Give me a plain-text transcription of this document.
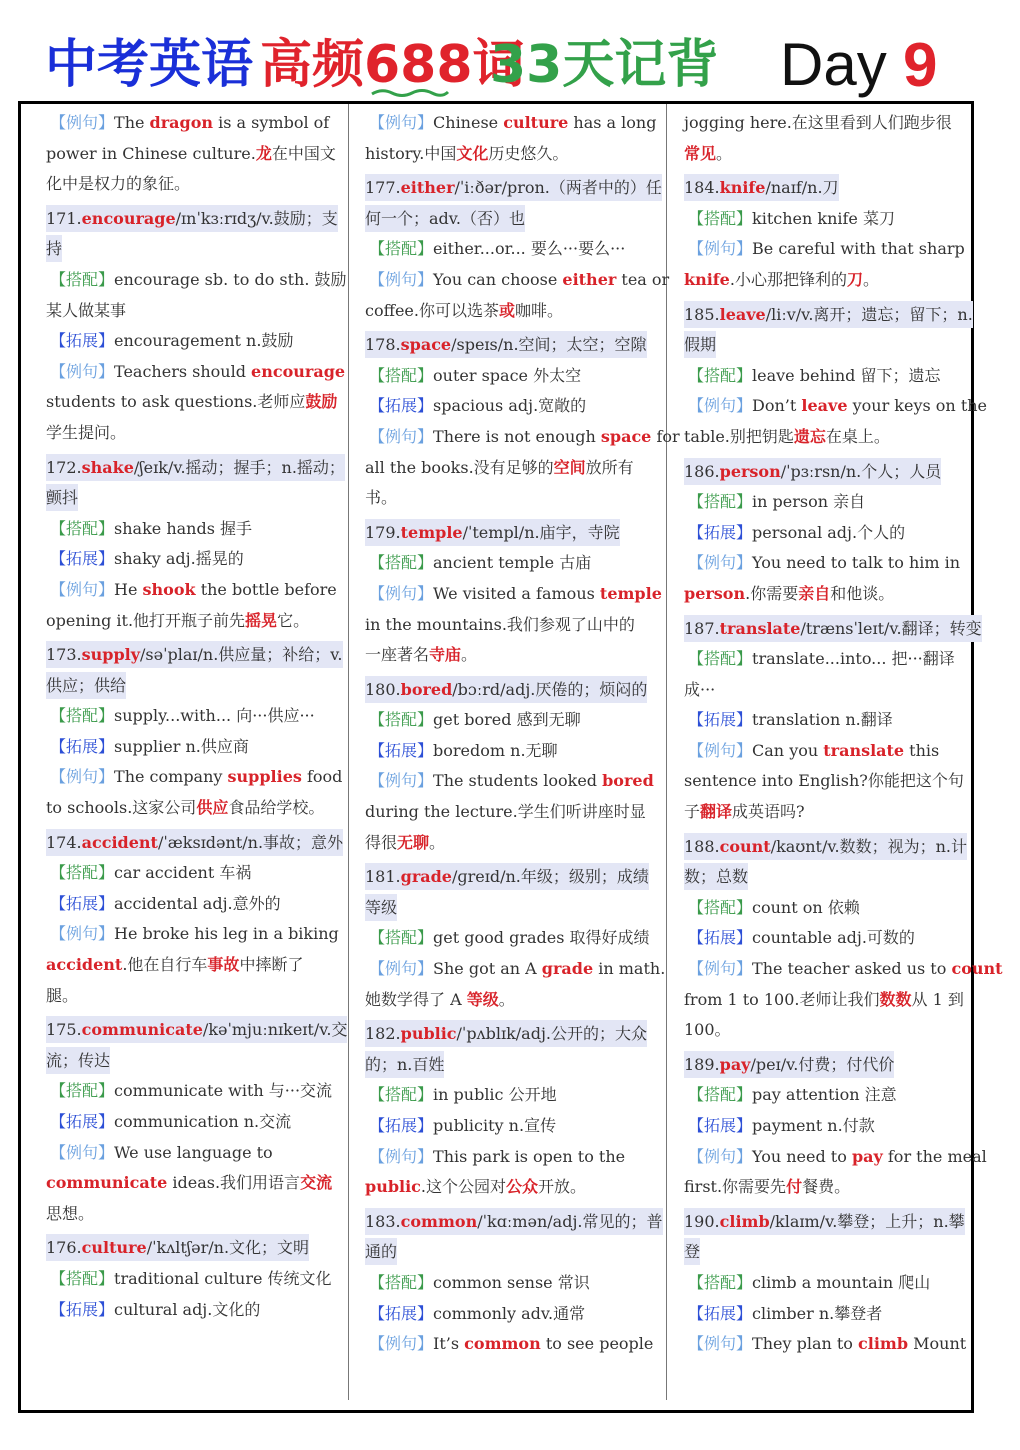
中考英语 高频688词
33天记背 Day 9
【例句】The dragon is a symbol of
power in Chinese culture.龙在中国文
化中是权力的象征。
171.encourage/ɪnˈkɜːrɪdʒ/v.鼓励；支
持
【搭配】encourage sb. to do sth. 鼓励
某人做某事
【拓展】encouragement n.鼓励
【例句】Teachers should encourage
students to ask questions.老师应鼓励
学生提问。
172.shake/ʃeɪk/v.摇动；握手；n.摇动；
颤抖
【搭配】shake hands 握手
【拓展】shaky adj.摇晃的
【例句】He shook the bottle before
opening it.他打开瓶子前先摇晃它。
173.supply/səˈplaɪ/n.供应量；补给；v.
供应；供给
【搭配】supply...with... 向···供应···
【拓展】supplier n.供应商
【例句】The company supplies food
to schools.这家公司供应食品给学校。
174.accident/ˈæksɪdənt/n.事故；意外
【搭配】car accident 车祸
【拓展】accidental adj.意外的
【例句】He broke his leg in a biking
accident.他在自行车事故中摔断了
腿。
175.communicate/kəˈmjuːnɪkeɪt/v.交
流；传达
【搭配】communicate with 与···交流
【拓展】communication n.交流
【例句】We use language to
communicate ideas.我们用语言交流
思想。
176.culture/ˈkʌltʃər/n.文化；文明
【搭配】traditional culture 传统文化
【拓展】cultural adj.文化的
【例句】Chinese culture has a long
history.中国文化历史悠久。
177.either/ˈiːðər/pron.（两者中的）任
何一个；adv.（否）也
【搭配】either...or... 要么···要么···
【例句】You can choose either tea or
coffee.你可以选茶或咖啡。
178.space/speɪs/n.空间；太空；空隙
【搭配】outer space 外太空
【拓展】spacious adj.宽敞的
【例句】There is not enough space for
all the books.没有足够的空间放所有
书。
179.temple/ˈtempl/n.庙宇，寺院
【搭配】ancient temple 古庙
【例句】We visited a famous temple
in the mountains.我们参观了山中的
一座著名寺庙。
180.bored/bɔːrd/adj.厌倦的；烦闷的
【搭配】get bored 感到无聊
【拓展】boredom n.无聊
【例句】The students looked bored
during the lecture.学生们听讲座时显
得很无聊。
181.grade/ɡreɪd/n.年级；级别；成绩
等级
【搭配】get good grades 取得好成绩
【例句】She got an A grade in math.
她数学得了 A 等级。
182.public/ˈpʌblɪk/adj.公开的；大众
的；n.百姓
【搭配】in public 公开地
【拓展】publicity n.宣传
【例句】This park is open to the
public.这个公园对公众开放。
183.common/ˈkɑːmən/adj.常见的；普
通的
【搭配】common sense 常识
【拓展】commonly adv.通常
【例句】It’s common to see people
jogging here.在这里看到人们跑步很
常见。
184.knife/naɪf/n.刀
【搭配】kitchen knife 菜刀
【例句】Be careful with that sharp
knife.小心那把锋利的刀。
185.leave/liːv/v.离开；遗忘；留下；n.
假期
【搭配】leave behind 留下；遗忘
【例句】Don’t leave your keys on the
table.别把钥匙遗忘在桌上。
186.person/ˈpɜːrsn/n.个人；人员
【搭配】in person 亲自
【拓展】personal adj.个人的
【例句】You need to talk to him in
person.你需要亲自和他谈。
187.translate/trænsˈleɪt/v.翻译；转变
【搭配】translate...into... 把···翻译
成···
【拓展】translation n.翻译
【例句】Can you translate this
sentence into English?你能把这个句
子翻译成英语吗?
188.count/kaʊnt/v.数数；视为；n.计
数；总数
【搭配】count on 依赖
【拓展】countable adj.可数的
【例句】The teacher asked us to count
from 1 to 100.老师让我们数数从 1 到
100。
189.pay/peɪ/v.付费；付代价
【搭配】pay attention 注意
【拓展】payment n.付款
【例句】You need to pay for the meal
first.你需要先付餐费。
190.climb/klaɪm/v.攀登；上升；n.攀
登
【搭配】climb a mountain 爬山
【拓展】climber n.攀登者
【例句】They plan to climb Mount
